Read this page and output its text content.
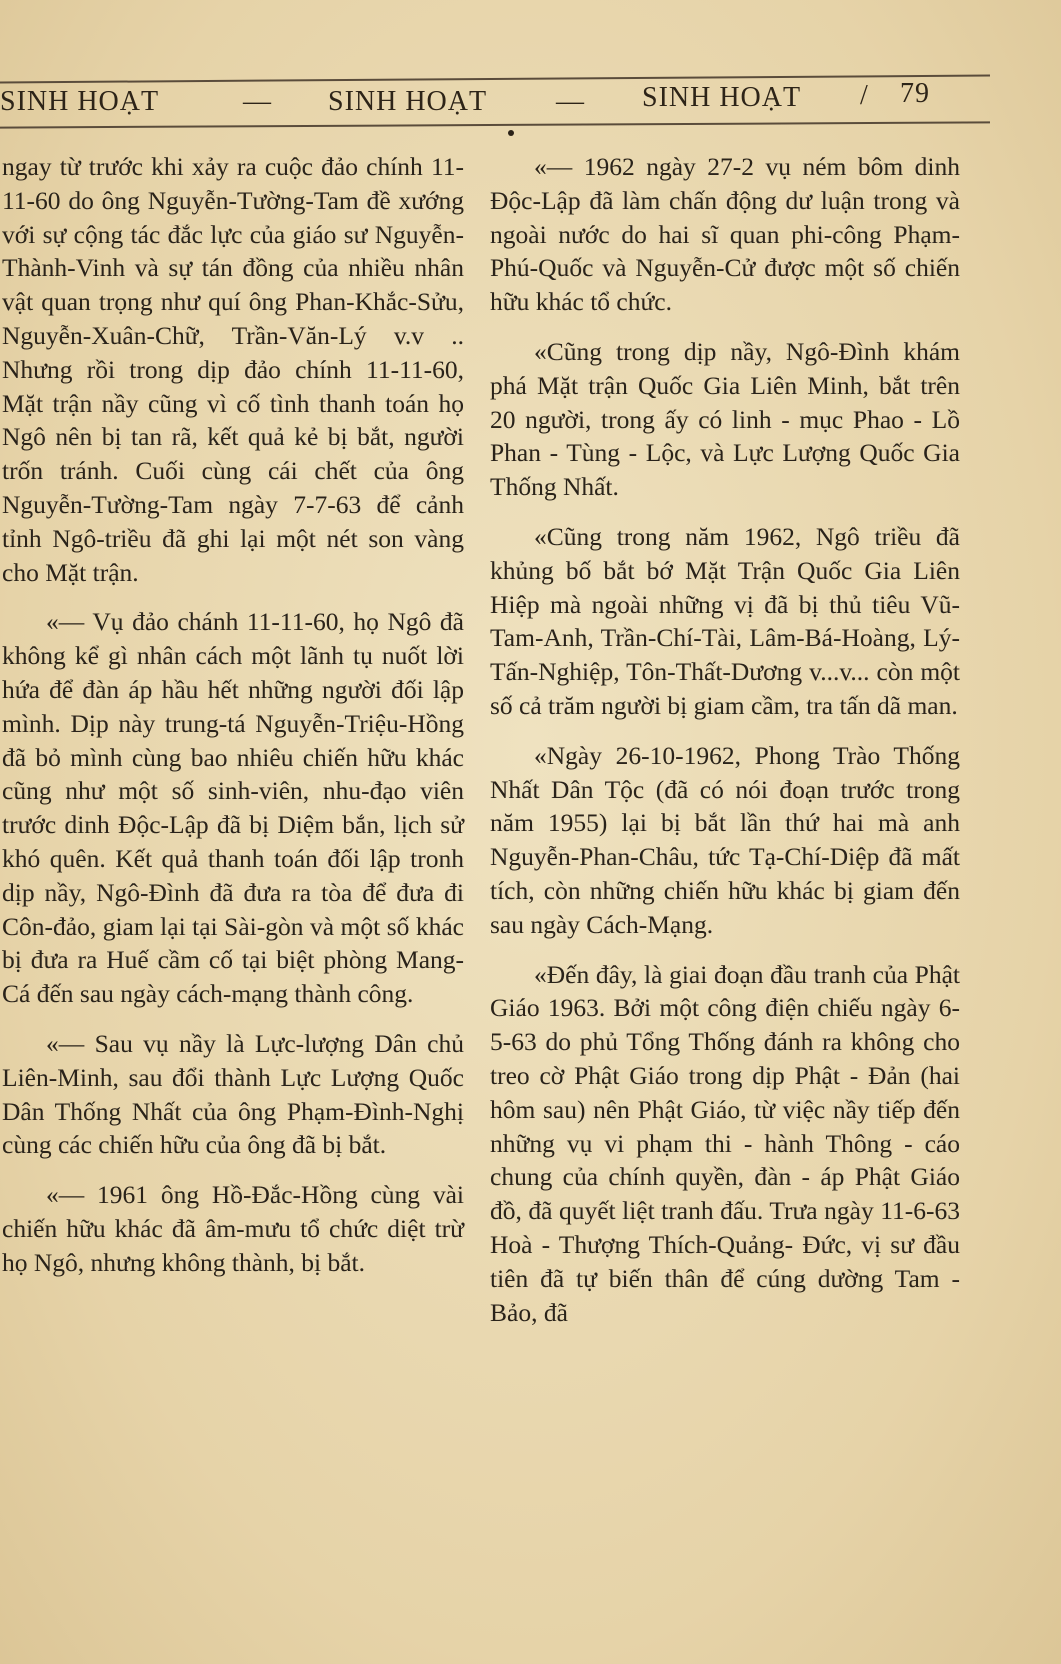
SINH HOẠT	— SINH HOẠT — SINH HOẠT / 79

ngay từ trước khi xảy ra cuộc đảo chính 11-11-60 do ông Nguyễn-Tường-Tam đề xướng với sự cộng tác đắc lực của giáo sư Nguyễn-Thành-Vinh và sự tán đồng của nhiều nhân vật quan trọng như quí ông Phan-Khắc-Sửu, Nguyễn-Xuân-Chữ, Trần-Văn-Lý v.v .. Nhưng rồi trong dịp đảo chính 11-11-60, Mặt trận nầy cũng vì cố tình thanh toán họ Ngô nên bị tan rã, kết quả kẻ bị bắt, người trốn tránh. Cuối cùng cái chết của ông Nguyễn-Tường-Tam ngày 7-7-63 để cảnh tỉnh Ngô-triều đã ghi lại một nét son vàng cho Mặt trận.

«— Vụ đảo chánh 11-11-60, họ Ngô đã không kể gì nhân cách một lãnh tụ nuốt lời hứa để đàn áp hầu hết những người đối lập mình. Dịp này trung-tá Nguyễn-Triệu-Hồng đã bỏ mình cùng bao nhiêu chiến hữu khác cũng như một số sinh-viên, nhu-đạo viên trước dinh Độc-Lập đã bị Diệm bắn, lịch sử khó quên. Kết quả thanh toán đối lập tronh dịp nầy, Ngô-Đình đã đưa ra tòa để đưa đi Côn-đảo, giam lại tại Sài-gòn và một số khác bị đưa ra Huế cầm cố tại biệt phòng Mang-Cá đến sau ngày cách-mạng thành công.

«— Sau vụ nầy là Lực-lượng Dân chủ Liên-Minh, sau đổi thành Lực Lượng Quốc Dân Thống Nhất của ông Phạm-Đình-Nghị cùng các chiến hữu của ông đã bị bắt.

«— 1961 ông Hồ-Đắc-Hồng cùng vài chiến hữu khác đã âm-mưu tổ chức diệt trừ họ Ngô, nhưng không thành, bị bắt.

«— 1962 ngày 27-2 vụ ném bôm dinh Độc-Lập đã làm chấn động dư luận trong và ngoài nước do hai sĩ quan phi-công Phạm-Phú-Quốc và Nguyễn-Cử được một số chiến hữu khác tổ chức.

«Cũng trong dịp nầy, Ngô-Đình khám phá Mặt trận Quốc Gia Liên Minh, bắt trên 20 người, trong ấy có linh - mục Phao - Lồ Phan - Tùng - Lộc, và Lực Lượng Quốc Gia Thống Nhất.

«Cũng trong năm 1962, Ngô triều đã khủng bố bắt bớ Mặt Trận Quốc Gia Liên Hiệp mà ngoài những vị đã bị thủ tiêu Vũ-Tam-Anh, Trần-Chí-Tài, Lâm-Bá-Hoàng, Lý-Tấn-Nghiệp, Tôn-Thất-Dương v...v... còn một số cả trăm người bị giam cầm, tra tấn dã man.

«Ngày 26-10-1962, Phong Trào Thống Nhất Dân Tộc (đã có nói đoạn trước trong năm 1955) lại bị bắt lần thứ hai mà anh Nguyễn-Phan-Châu, tức Tạ-Chí-Diệp đã mất tích, còn những chiến hữu khác bị giam đến sau ngày Cách-Mạng.

«Đến đây, là giai đoạn đầu tranh của Phật Giáo 1963. Bởi một công điện chiếu ngày 6-5-63 do phủ Tổng Thống đánh ra không cho treo cờ Phật Giáo trong dịp Phật - Đản (hai hôm sau) nên Phật Giáo, từ việc nầy tiếp đến những vụ vi phạm thi - hành Thông - cáo chung của chính quyền, đàn - áp Phật Giáo đồ, đã quyết liệt tranh đấu. Trưa ngày 11-6-63 Hoà - Thượng Thích-Quảng- Đức, vị sư đầu tiên đã tự biến thân để cúng dường Tam - Bảo, đã
